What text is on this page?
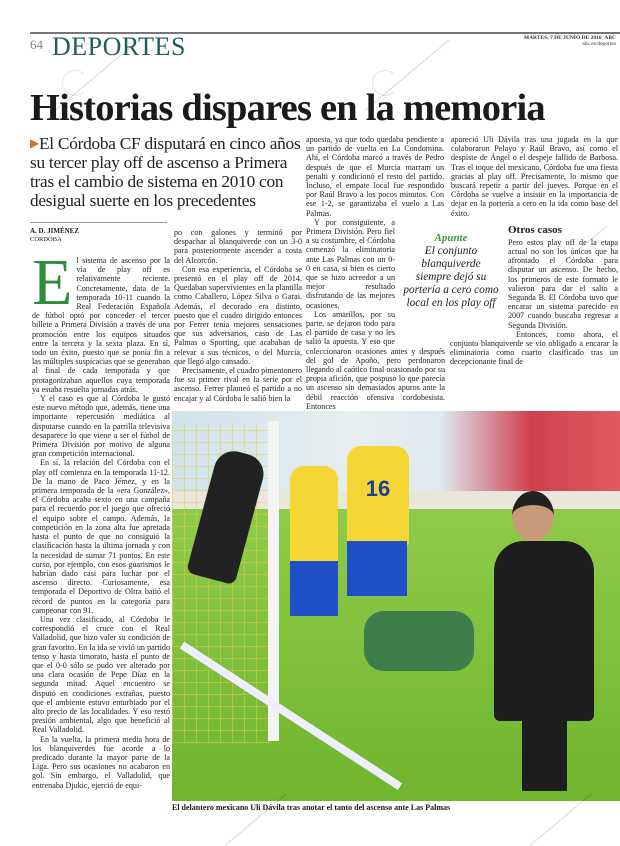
64 DEPORTES	MARTES, 7 DE JUNIO DE 2016 ABC
abc.es/deportes
Historias dispares en la memoria
▶El Córdoba CF disputará en cinco años su tercer play off de ascenso a Primera tras el cambio de sistema en 2010 con desigual suerte en los precedentes
A. D. JIMÉNEZ
CÓRDOBA
E l sistema de ascenso por la vía de play off es relativamente reciente. Concretamente, data de la temporada 10-11 cuando la Real Federación Española de fútbol optó por conceder el tercer billete a Primera División a través de una promoción entre los equipos situados entre la tercera y la sexta plaza. En sí, todo un éxito, puesto que se ponía fin a las múltiples suspicacias que se generaban al final de cada temporada y que protagonizaban aquellos cuya temporada ya estaba resuelta jornadas atrás.

Y el caso es que al Córdoba le gustó este nuevo método que, además, tiene una importante repercusión mediática al disputarse cuando en la parrilla televisiva desaparece lo que viene a ser el fútbol de Primera División por motivo de alguna gran competición internacional.

En sí, la relación del Córdoba con el play off comienza en la temporada 11-12. De la mano de Paco Jémez, y en la primera temporada de la «era González», el Córdoba acaba sexto en una campaña para el recuerdo por el juego que ofreció el equipo sobre el campo. Además, la competición en la zona alta fue apretada hasta el punto de que no consiguió la clasificación hasta la última jornada y con la necesidad de sumar 71 puntos. En este curso, por ejemplo, con esos guarismos le habrían dado casi para luchar por el ascenso directo. Curiosamente, esa temporada el Deportivo de Oltra batió el récord de puntos en la categoría para campeonar con 91.

Una vez clasificado, al Córdoba le correspondió el cruce con el Real Valladolid, que hizo valer su condición de gran favorito. En la ida se vivió un partido tenso y hasta timorato, hasta el punto de que el 0-0 sólo se pudo ver alterado por una clara ocasión de Pepe Díaz en la segunda mitad. Aquel encuentro se disputó en condiciones extrañas, puesto que el ambiente estuvo enturbiado por el alto precio de las localidades. Y eso restó presión ambiental, algo que benefició al Real Valladolid.

En la vuelta, la primera media hora de los blanquiverdes fue acorde a lo predicado durante la mayor parte de la Liga. Pero sus ocasiones no acabaron en gol. Sin embargo, el Valladolid, que entrenaba Djukic, ejerció de equi-

po con galones y terminó por despachar al blanquiverde con un 3-0 para posteriormente ascender a costa del Alcorcón.

Con esa experiencia, el Córdoba se presentó en el play off de 2014. Quedaban supervivientes en la plantilla como Caballero, López Silva o Garai. Además, el decorado era distinto, puesto que el cuadro dirigido entonces por Ferrer tenía mejores sensaciones que sus adversarios, caso de Las Palmas o Sporting, que acababan de relevar a sus técnicos, o del Murcia, que llegó algo cansado.

Precisamente, el cuadro pimentonero fue su primer rival en la serie por el ascenso. Ferrer planteó el partido a no encajar y al Córdoba le salió bien la

apuesta, ya que todo quedaba pendiente a un partido de vuelta en La Condomina. Ahí, el Córdoba marcó a través de Pedro después de que el Murcia marram un penalti y condicionó el resto del partido. Incluso, el empate local fue respondido por Raúl Bravo a los pocos minutos. Con ese 1-2, se garantizaba el vuelo a Las Palmas.

Y por consiguiente, a Primera División. Pero fiel a su costumbre, el Córdoba comenzó la eliminatoria ante Las Palmas con un 0-0 en casa, si bien es cierto que se hizo acreedor a un mejor resultado disfrutando de las mejores ocasiones.

Los amarillos, por su parte, se dejaron todo para el partido de casa y no les salió la apuesta. Y eso que coleccionaron ocasiones antes y después del gol de Apoño, pero perdonaron llegando al caótico final ocasionado por su propia afición, que pospuso lo que parecía un ascenso sin demasiados apuros ante la débil reacción ofensiva cordobesista. Entonces

apareció Uli Dávila tras una jugada en la que colaboraron Pelayo y Raúl Bravo, así como el despiste de Ángel o el despeje fallido de Barbosa. Tras el toque del mexicano, Córdoba fue una fiesta gracias al play off. Precisamente, lo mismo que buscará repetir a partir del jueves. Porque en el Córdoba se vuelve a insistir en la importancia de dejar en la portería a cero en la ida como base del éxito.

Otros casos

Pero estos play off de la etapa actual no son los únicos que ha afrontado el Córdoba para disputar un ascenso. De hecho, los primeros de este formato le valieron para dar el salto a Segunda B. El Córdoba tuvo que encarar un sistema parecido en 2007 cuando buscaba regresar a Segunda División.

Entonces, como ahora, el conjunto blanquiverde se vio obligado a encarar la eliminatoria como cuarto clasificado tras un decepcionante final de

Apunte
El conjunto blanquiverde siempre dejó su portería a cero como local en los play off
16
El delantero mexicano Uli Dávila tras anotar el tanto del ascenso ante Las Palmas
